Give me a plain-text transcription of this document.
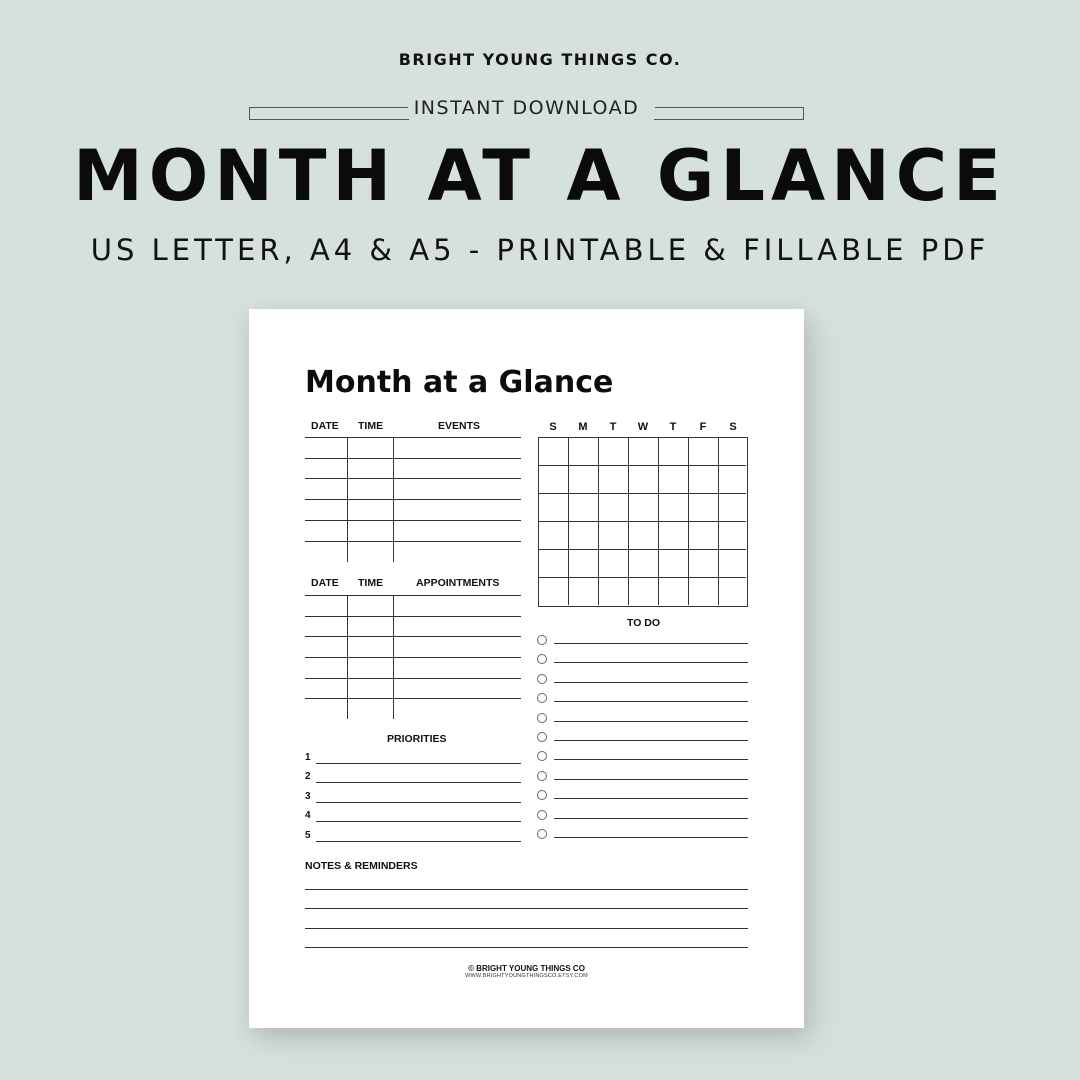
BRIGHT YOUNG THINGS CO.
INSTANT DOWNLOAD
MONTH AT A GLANCE
US LETTER, A4 & A5 - PRINTABLE & FILLABLE PDF
Month at a Glance
DATE TIME	EVENTS
DATE TIME	APPOINTMENTS
S	M	T	W	T	F	S
TO DO
PRIORITIES
1
2
3
4
5
NOTES & REMINDERS
© BRIGHT YOUNG THINGS CO
WWW.BRIGHTYOUNGTHINGSCO.ETSY.COM
